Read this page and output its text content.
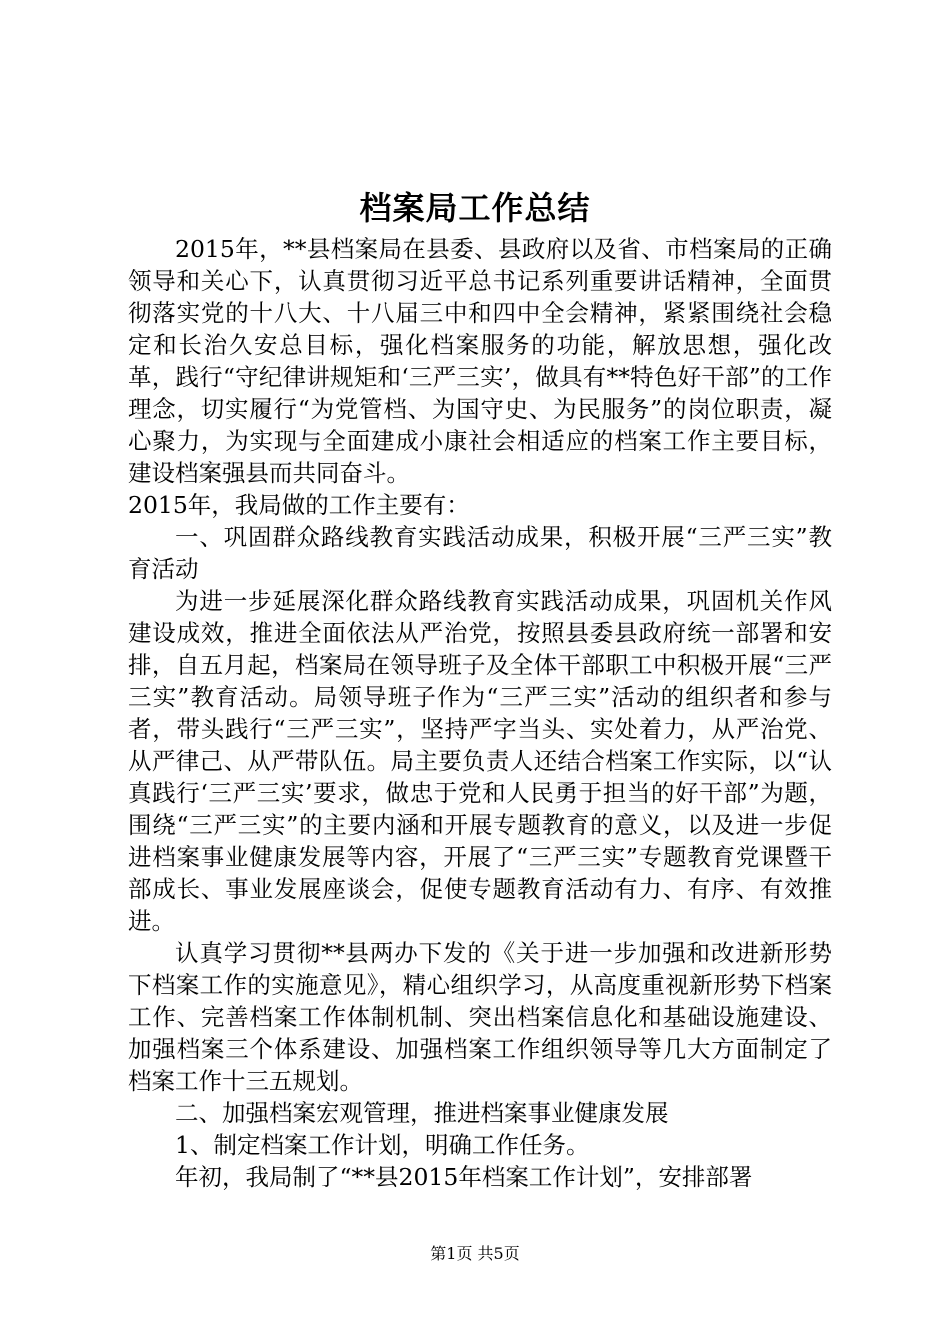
档案局工作总结

2015年，**县档案局在县委、县政府以及省、市档案局的正确领导和关心下，认真贯彻习近平总书记系列重要讲话精神，全面贯彻落实党的十八大、十八届三中和四中全会精神，紧紧围绕社会稳定和长治久安总目标，强化档案服务的功能，解放思想，强化改革，践行“守纪律讲规矩和‘三严三实’，做具有**特色好干部”的工作理念，切实履行“为党管档、为国守史、为民服务”的岗位职责，凝心聚力，为实现与全面建成小康社会相适应的档案工作主要目标，建设档案强县而共同奋斗。

2015年，我局做的工作主要有：

一、巩固群众路线教育实践活动成果，积极开展“三严三实”教育活动

为进一步延展深化群众路线教育实践活动成果，巩固机关作风建设成效，推进全面依法从严治党，按照县委县政府统一部署和安排，自五月起，档案局在领导班子及全体干部职工中积极开展“三严三实”教育活动。局领导班子作为“三严三实”活动的组织者和参与者，带头践行“三严三实”，坚持严字当头、实处着力，从严治党、从严律己、从严带队伍。局主要负责人还结合档案工作实际，以“认真践行‘三严三实’要求，做忠于党和人民勇于担当的好干部”为题，围绕“三严三实”的主要内涵和开展专题教育的意义，以及进一步促进档案事业健康发展等内容，开展了“三严三实”专题教育党课暨干部成长、事业发展座谈会，促使专题教育活动有力、有序、有效推进。

认真学习贯彻**县两办下发的《关于进一步加强和改进新形势下档案工作的实施意见》，精心组织学习，从高度重视新形势下档案工作、完善档案工作体制机制、突出档案信息化和基础设施建设、加强档案三个体系建设、加强档案工作组织领导等几大方面制定了档案工作十三五规划。

二、加强档案宏观管理，推进档案事业健康发展

1、制定档案工作计划，明确工作任务。

年初，我局制了“**县2015年档案工作计划”，安排部署

第1页 共5页
